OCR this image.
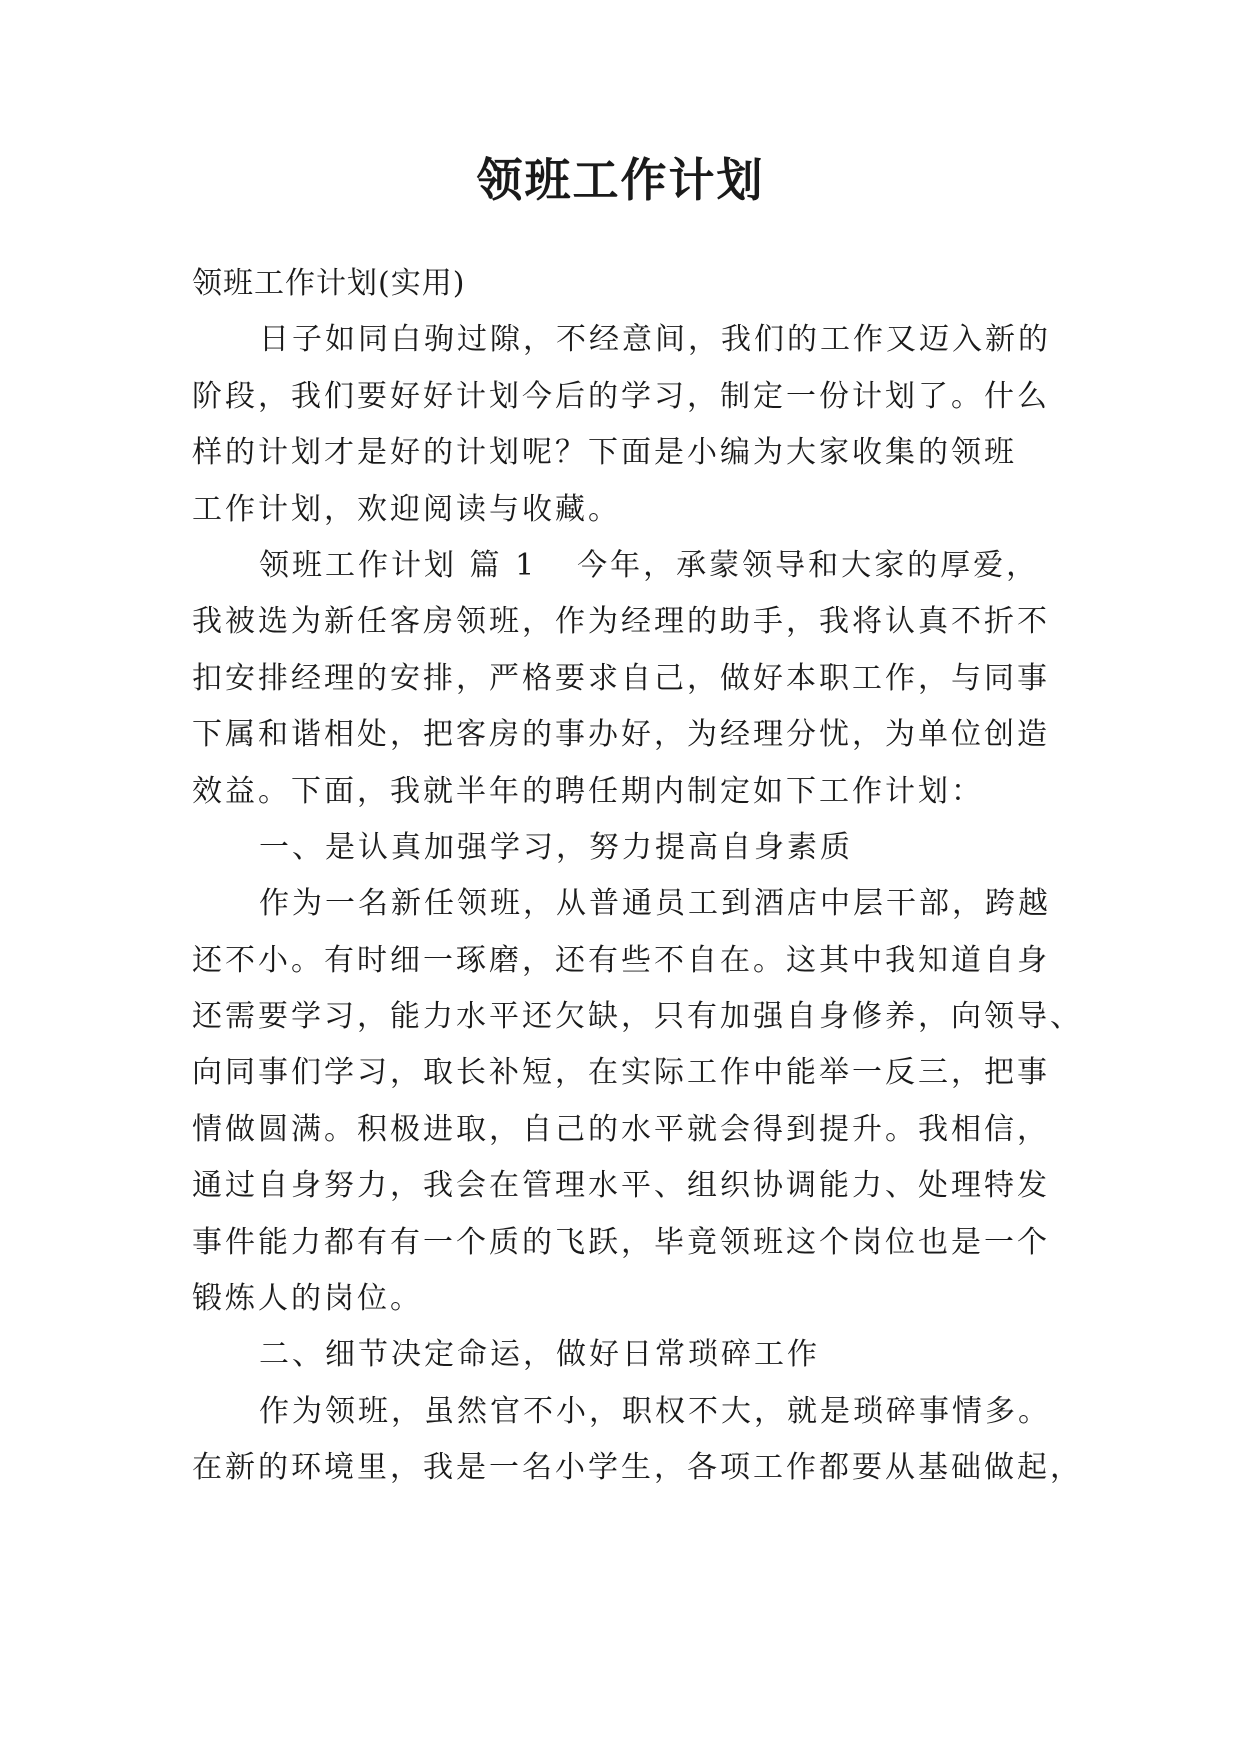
领班工作计划
领班工作计划(实用)
日子如同白驹过隙，不经意间，我们的工作又迈入新的
阶段，我们要好好计划今后的学习，制定一份计划了。什么
样的计划才是好的计划呢？下面是小编为大家收集的领班
工作计划，欢迎阅读与收藏。
领班工作计划 篇 1 今年，承蒙领导和大家的厚爱，
我被选为新任客房领班，作为经理的助手，我将认真不折不
扣安排经理的安排，严格要求自己，做好本职工作，与同事
下属和谐相处，把客房的事办好，为经理分忧，为单位创造
效益。下面，我就半年的聘任期内制定如下工作计划：
一、是认真加强学习，努力提高自身素质
作为一名新任领班，从普通员工到酒店中层干部，跨越
还不小。有时细一琢磨，还有些不自在。这其中我知道自身
还需要学习，能力水平还欠缺，只有加强自身修养，向领导、
向同事们学习，取长补短，在实际工作中能举一反三，把事
情做圆满。积极进取，自己的水平就会得到提升。我相信，
通过自身努力，我会在管理水平、组织协调能力、处理特发
事件能力都有有一个质的飞跃，毕竟领班这个岗位也是一个
锻炼人的岗位。
二、细节决定命运，做好日常琐碎工作
作为领班，虽然官不小，职权不大，就是琐碎事情多。
在新的环境里，我是一名小学生，各项工作都要从基础做起，
